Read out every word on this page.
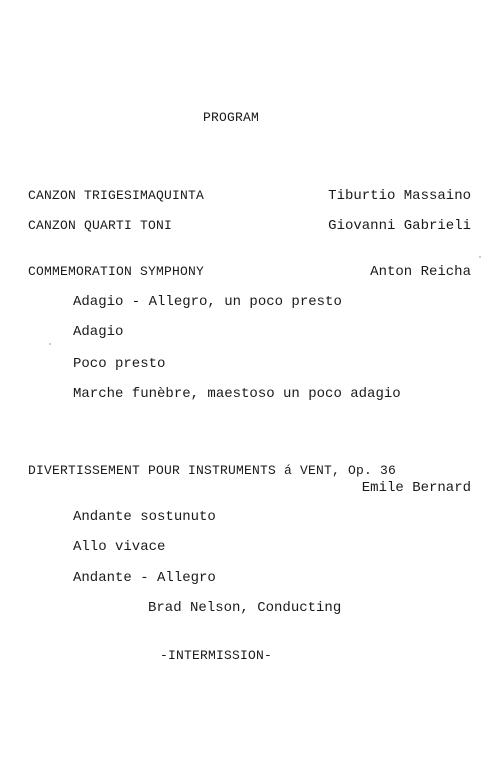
PROGRAM
CANZON TRIGESIMAQUINTA	Tiburtio Massaino
CANZON QUARTI TONI	Giovanni Gabrieli
COMMEMORATION SYMPHONY	Anton Reicha
Adagio - Allegro, un poco presto
Adagio
Poco presto
Marche funèbre, maestoso un poco adagio
DIVERTISSEMENT POUR INSTRUMENTS á VENT, Op. 36
Emile Bernard
Andante sostunuto
Allo vivace
Andante - Allegro
Brad Nelson, Conducting
-INTERMISSION-
